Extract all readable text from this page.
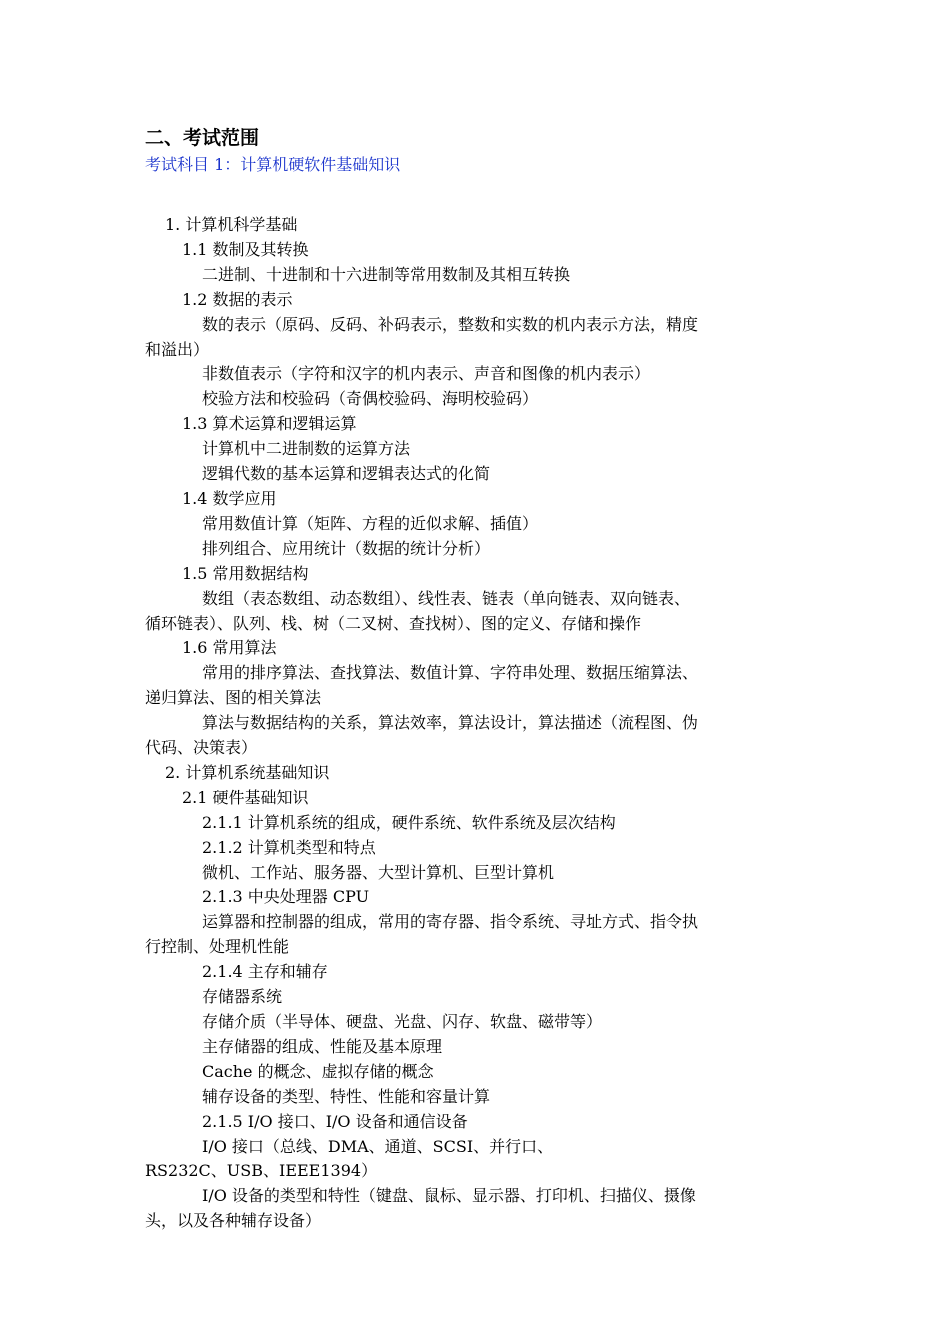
二、考试范围
考试科目 1：计算机硬软件基础知识
1. 计算机科学基础
1.1 数制及其转换
二进制、十进制和十六进制等常用数制及其相互转换
1.2 数据的表示
数的表示（原码、反码、补码表示，整数和实数的机内表示方法，精度
和溢出）
非数值表示（字符和汉字的机内表示、声音和图像的机内表示）
校验方法和校验码（奇偶校验码、海明校验码）
1.3 算术运算和逻辑运算
计算机中二进制数的运算方法
逻辑代数的基本运算和逻辑表达式的化简
1.4 数学应用
常用数值计算（矩阵、方程的近似求解、插值）
排列组合、应用统计（数据的统计分析）
1.5 常用数据结构
数组（表态数组、动态数组）、线性表、链表（单向链表、双向链表、
循环链表）、队列、栈、树（二叉树、查找树）、图的定义、存储和操作
1.6 常用算法
常用的排序算法、查找算法、数值计算、字符串处理、数据压缩算法、
递归算法、图的相关算法
算法与数据结构的关系，算法效率，算法设计，算法描述（流程图、伪
代码、决策表）
2. 计算机系统基础知识
2.1 硬件基础知识
2.1.1 计算机系统的组成，硬件系统、软件系统及层次结构
2.1.2 计算机类型和特点
微机、工作站、服务器、大型计算机、巨型计算机
2.1.3 中央处理器 CPU
运算器和控制器的组成，常用的寄存器、指令系统、寻址方式、指令执
行控制、处理机性能
2.1.4 主存和辅存
存储器系统
存储介质（半导体、硬盘、光盘、闪存、软盘、磁带等）
主存储器的组成、性能及基本原理
Cache 的概念、虚拟存储的概念
辅存设备的类型、特性、性能和容量计算
2.1.5 I/O 接口、I/O 设备和通信设备
I/O 接口（总线、DMA、通道、SCSI、并行口、
RS232C、USB、IEEE1394）
I/O 设备的类型和特性（键盘、鼠标、显示器、打印机、扫描仪、摄像
头，以及各种辅存设备）
